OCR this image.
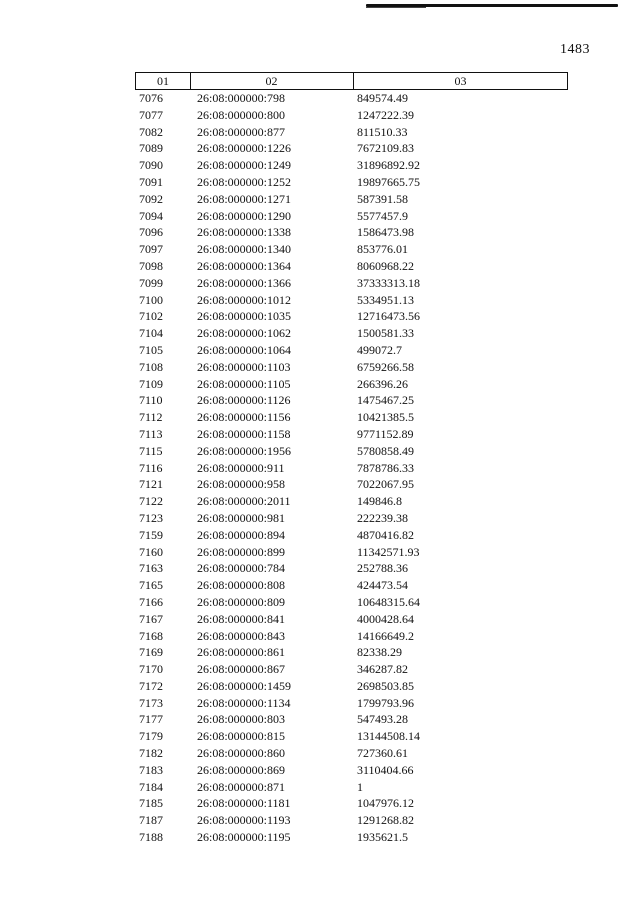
1483
01	02	03
7076	26:08:000000:798	849574.49
7077	26:08:000000:800	1247222.39
7082	26:08:000000:877	811510.33
7089	26:08:000000:1226	7672109.83
7090	26:08:000000:1249	31896892.92
7091	26:08:000000:1252	19897665.75
7092	26:08:000000:1271	587391.58
7094	26:08:000000:1290	5577457.9
7096	26:08:000000:1338	1586473.98
7097	26:08:000000:1340	853776.01
7098	26:08:000000:1364	8060968.22
7099	26:08:000000:1366	37333313.18
7100	26:08:000000:1012	5334951.13
7102	26:08:000000:1035	12716473.56
7104	26:08:000000:1062	1500581.33
7105	26:08:000000:1064	499072.7
7108	26:08:000000:1103	6759266.58
7109	26:08:000000:1105	266396.26
7110	26:08:000000:1126	1475467.25
7112	26:08:000000:1156	10421385.5
7113	26:08:000000:1158	9771152.89
7115	26:08:000000:1956	5780858.49
7116	26:08:000000:911	7878786.33
7121	26:08:000000:958	7022067.95
7122	26:08:000000:2011	149846.8
7123	26:08:000000:981	222239.38
7159	26:08:000000:894	4870416.82
7160	26:08:000000:899	11342571.93
7163	26:08:000000:784	252788.36
7165	26:08:000000:808	424473.54
7166	26:08:000000:809	10648315.64
7167	26:08:000000:841	4000428.64
7168	26:08:000000:843	14166649.2
7169	26:08:000000:861	82338.29
7170	26:08:000000:867	346287.82
7172	26:08:000000:1459	2698503.85
7173	26:08:000000:1134	1799793.96
7177	26:08:000000:803	547493.28
7179	26:08:000000:815	13144508.14
7182	26:08:000000:860	727360.61
7183	26:08:000000:869	3110404.66
7184	26:08:000000:871	1
7185	26:08:000000:1181	1047976.12
7187	26:08:000000:1193	1291268.82
7188	26:08:000000:1195	1935621.5
